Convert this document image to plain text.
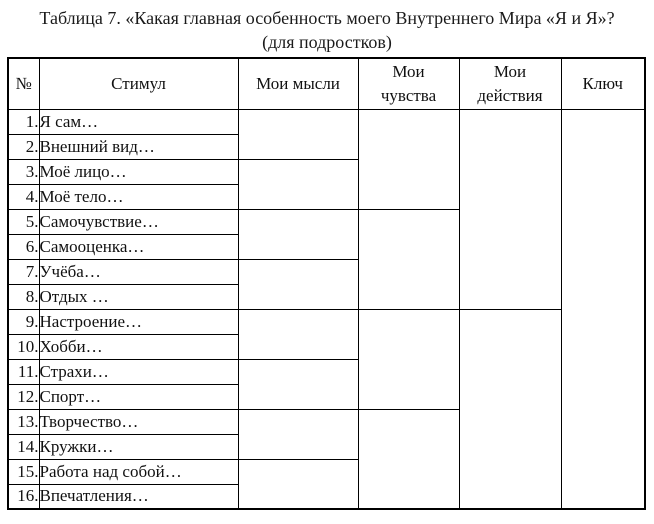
Таблица 7. «Какая главная особенность моего Внутреннего Мира «Я и Я»?
(для подростков)
№	Стимул	Мои мысли	Мои чувства	Мои действия	Ключ
1.	Я сам…				
2.	Внешний вид…				
3.	Моё лицо…				
4.	Моё тело…				
5.	Самочувствие…				
6.	Самооценка…				
7.	Учёба…				
8.	Отдых …				
9.	Настроение…				
10.	Хобби…				
11.	Страхи…				
12.	Спорт…				
13.	Творчество…				
14.	Кружки…				
15.	Работа над собой…				
16.	Впечатления…				
